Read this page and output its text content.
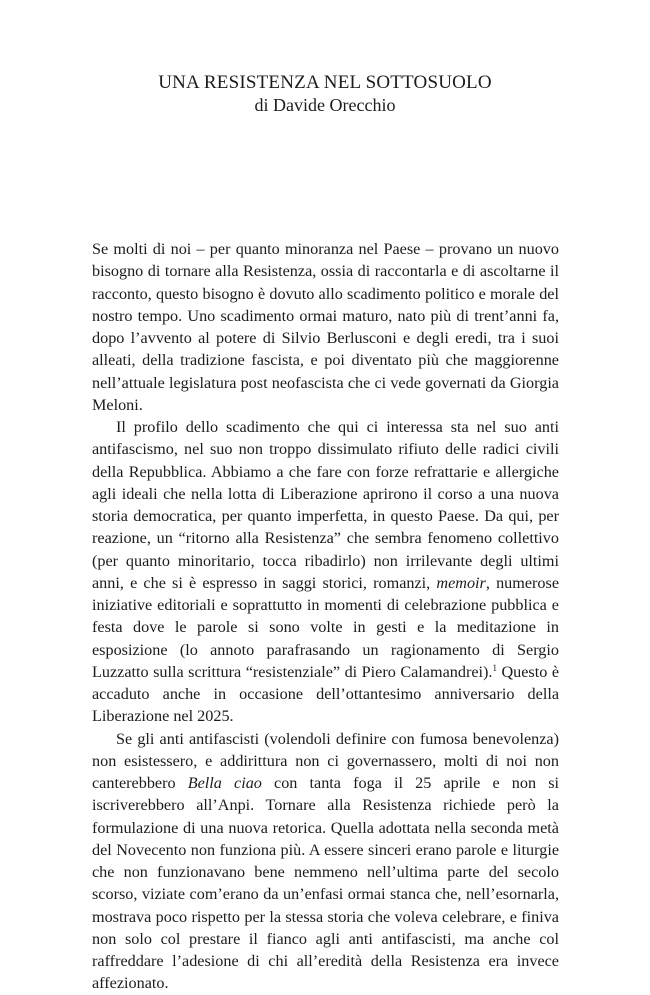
UNA RESISTENZA NEL SOTTOSUOLO
di Davide Orecchio

Se molti di noi – per quanto minoranza nel Paese – provano un nuovo bisogno di tornare alla Resistenza, ossia di raccontarla e di ascoltarne il racconto, questo bisogno è dovuto allo scadimento politico e morale del nostro tempo. Uno scadimento ormai maturo, nato più di trent’anni fa, dopo l’avvento al potere di Silvio Berlusconi e degli eredi, tra i suoi alleati, della tradizione fascista, e poi diventato più che maggiorenne nell’attuale legislatura post neofascista che ci vede governati da Giorgia Meloni.

Il profilo dello scadimento che qui ci interessa sta nel suo anti antifascismo, nel suo non troppo dissimulato rifiuto delle radici civili della Repubblica. Abbiamo a che fare con forze refrattarie e allergiche agli ideali che nella lotta di Liberazione aprirono il corso a una nuova storia democratica, per quanto imperfetta, in questo Paese. Da qui, per reazione, un “ritorno alla Resistenza” che sembra fenomeno collettivo (per quanto minoritario, tocca ribadirlo) non irrilevante degli ultimi anni, e che si è espresso in saggi storici, romanzi, memoir, numerose iniziative editoriali e soprattutto in momenti di celebrazione pubblica e festa dove le parole si sono volte in gesti e la meditazione in esposizione (lo annoto parafrasando un ragionamento di Sergio Luzzatto sulla scrittura “resistenziale” di Piero Calamandrei).$^1$ Questo è accaduto anche in occasione dell’ottantesimo anniversario della Liberazione nel 2025.

Se gli anti antifascisti (volendoli definire con fumosa benevolenza) non esistessero, e addirittura non ci governassero, molti di noi non canterebbero Bella ciao con tanta foga il 25 aprile e non si iscriverebbero all’Anpi. Tornare alla Resistenza richiede però la formulazione di una nuova retorica. Quella adottata nella seconda metà del Novecento non funziona più. A essere sinceri erano parole e liturgie che non funzionavano bene nemmeno nell’ultima parte del secolo scorso, viziate com’erano da un’enfasi ormai stanca che, nell’esornarla, mostrava poco rispetto per la stessa storia che voleva celebrare, e finiva non solo col prestare il fianco agli anti antifascisti, ma anche col raffreddare l’adesione di chi all’eredità della Resistenza era invece affezionato.
